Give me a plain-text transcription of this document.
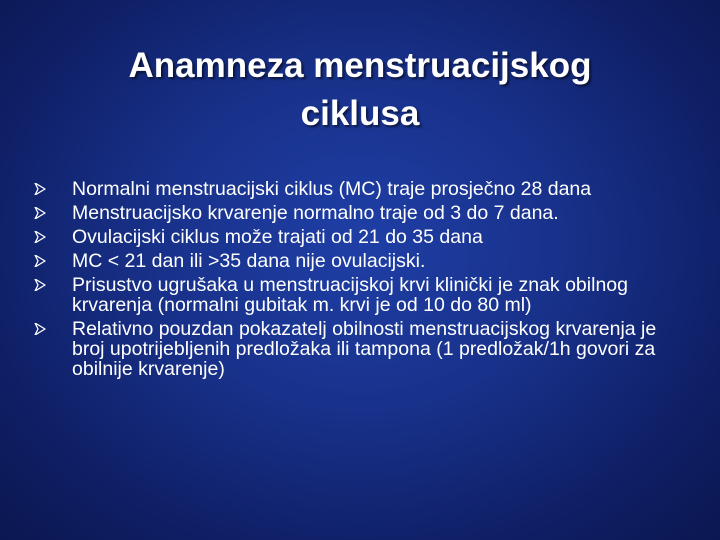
Anamneza menstruacijskog
ciklusa
Normalni menstruacijski ciklus (MC) traje prosječno 28 dana
Menstruacijsko krvarenje normalno traje od 3 do 7 dana.
Ovulacijski ciklus može trajati od 21 do 35 dana
MC < 21 dan ili >35 dana nije ovulacijski.
Prisustvo ugrušaka u menstruacijskoj krvi klinički je znak obilnog krvarenja (normalni gubitak m. krvi je od 10 do 80 ml)
Relativno pouzdan pokazatelj obilnosti menstruacijskog krvarenja je broj upotrijebljenih predložaka ili tampona (1 predložak/1h govori za obilnije krvarenje)
